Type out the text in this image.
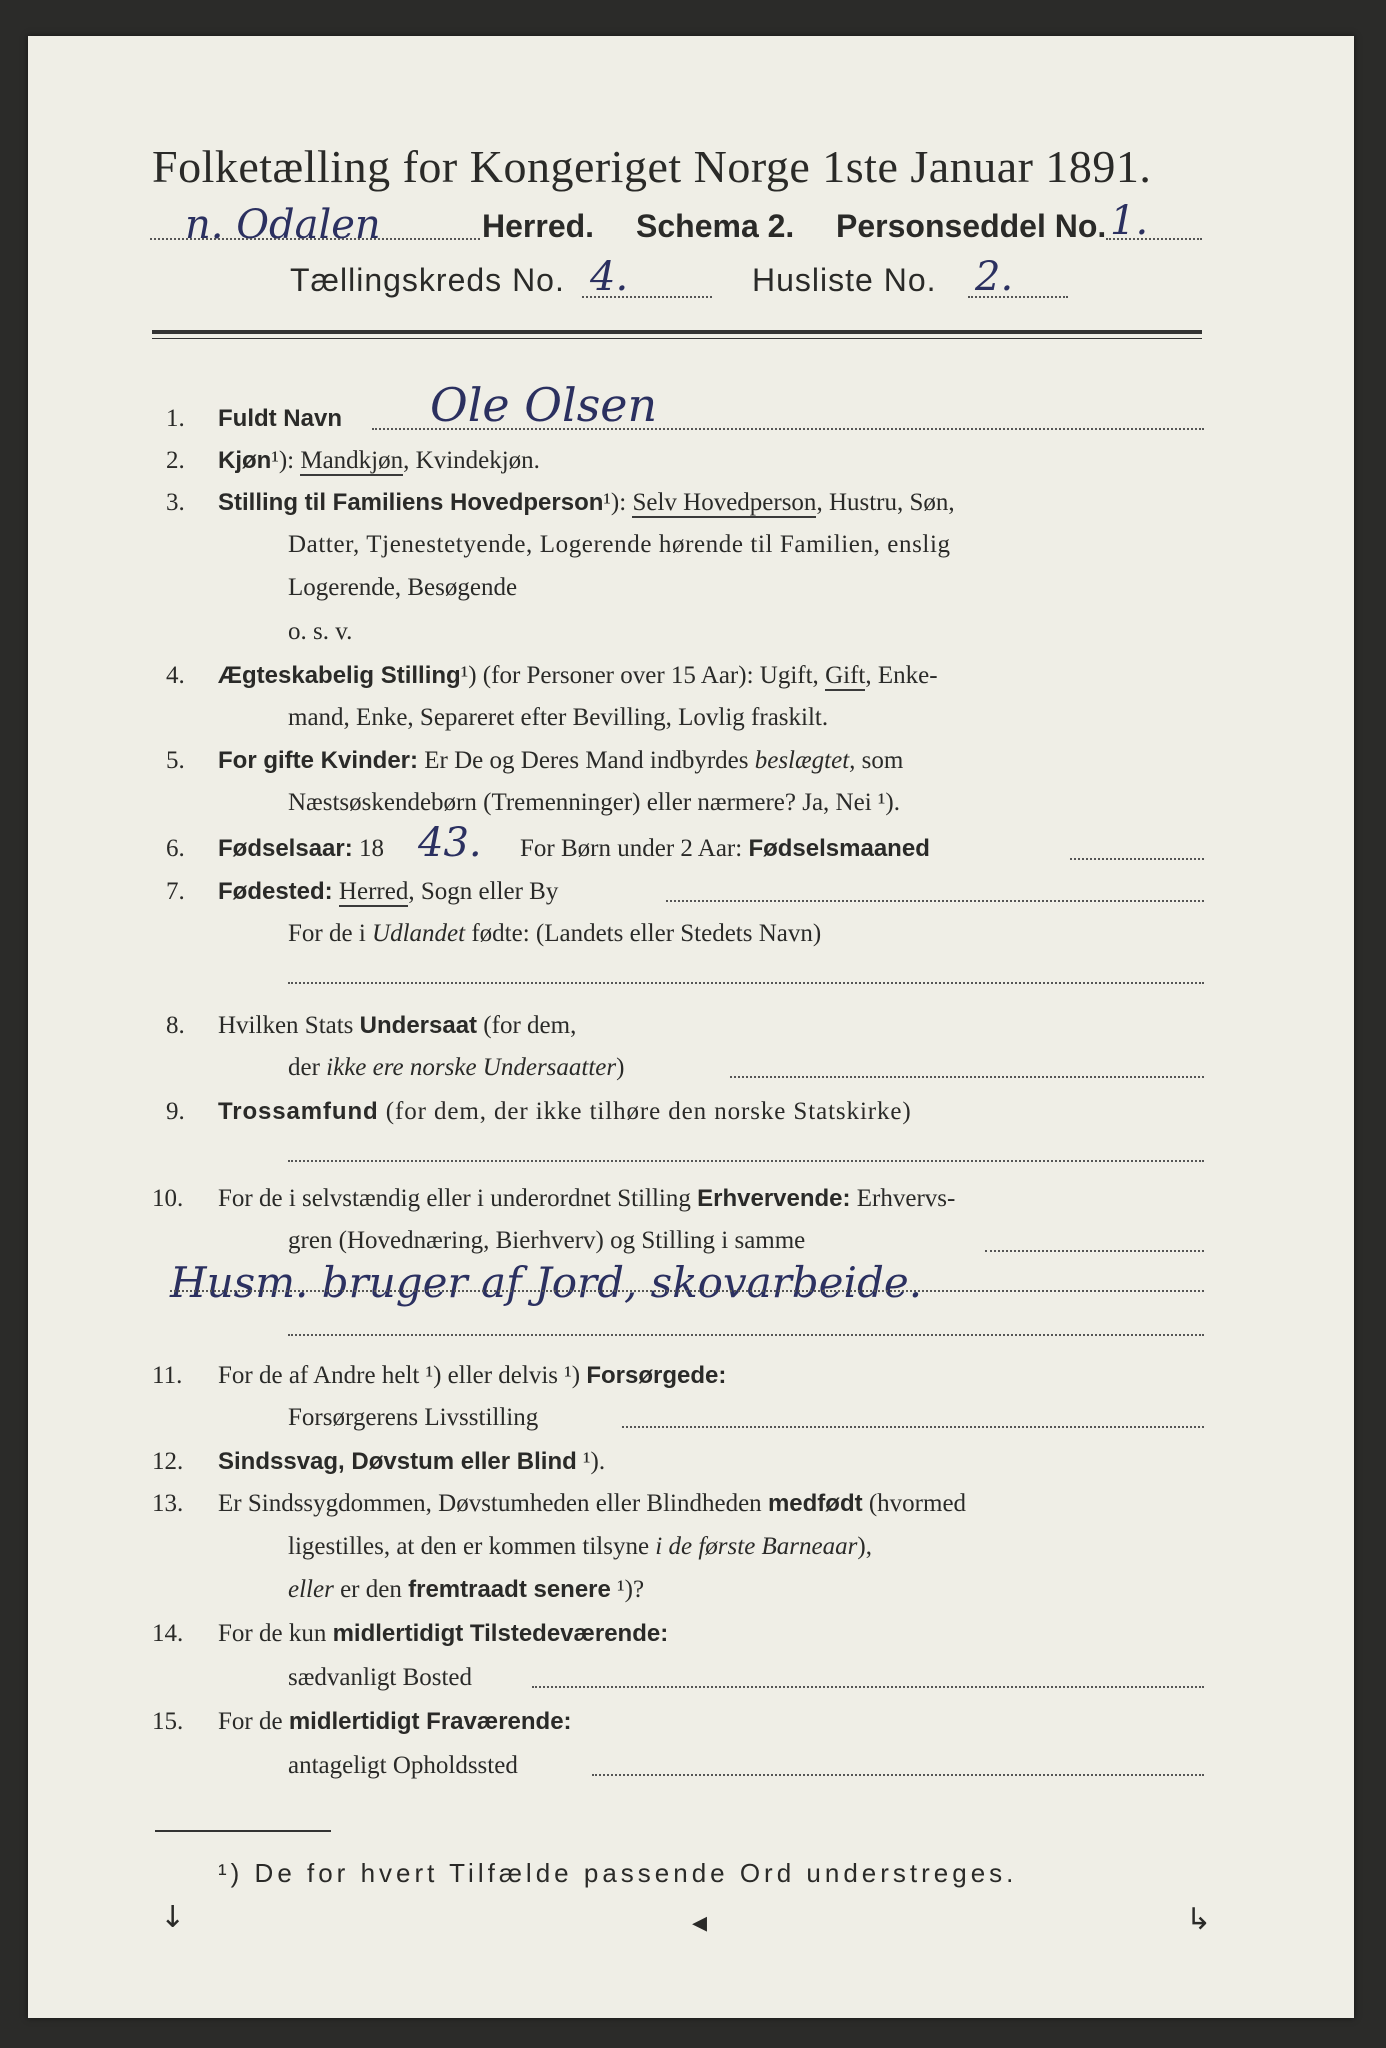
Folketælling for Kongeriget Norge 1ste Januar 1891.
n. Odalen	Herred. Schema 2. Personseddel No. 1.
Tællingskreds No. 4.	Husliste No. 2.
1. Fuldt Navn Ole Olsen
2. Kjøn¹): Mandkjøn, Kvindekjøn.
3. Stilling til Familiens Hovedperson¹): Selv Hovedperson, Hustru, Søn,
Datter, Tjenestetyende, Logerende hørende til Familien, enslig
Logerende, Besøgende
o. s. v.
4. Ægteskabelig Stilling¹) (for Personer over 15 Aar): Ugift, Gift, Enke-
mand, Enke, Separeret efter Bevilling, Lovlig fraskilt.
5. For gifte Kvinder: Er De og Deres Mand indbyrdes beslægtet, som
Næstsøskendebørn (Tremenninger) eller nærmere? Ja, Nei ¹).
6. Fødselsaar: 18 43. For Børn under 2 Aar: Fødselsmaaned
7. Fødested: Herred, Sogn eller By
For de i Udlandet fødte: (Landets eller Stedets Navn)
8. Hvilken Stats Undersaat (for dem,
der ikke ere norske Undersaatter)
9. Trossamfund (for dem, der ikke tilhøre den norske Statskirke)
10. For de i selvstændig eller i underordnet Stilling Erhvervende: Erhvervs-
gren (Hovednæring, Bierhverv) og Stilling i samme
Husm. bruger af Jord, skovarbeide.
11. For de af Andre helt ¹) eller delvis ¹) Forsørgede:
Forsørgerens Livsstilling
12. Sindssvag, Døvstum eller Blind ¹).
13. Er Sindssygdommen, Døvstumheden eller Blindheden medfødt (hvormed
ligestilles, at den er kommen tilsyne i de første Barneaar),
eller er den fremtraadt senere ¹)?
14. For de kun midlertidigt Tilstedeværende:
sædvanligt Bosted
15. For de midlertidigt Fraværende:
antageligt Opholdssted
¹) De for hvert Tilfælde passende Ord understreges.
↓	◂	↳
